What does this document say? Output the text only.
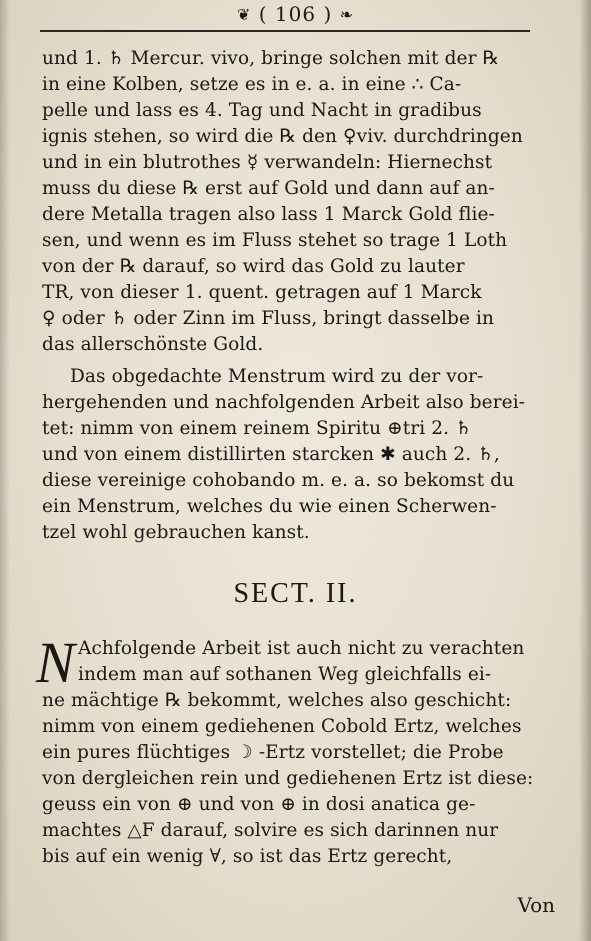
❦ ( 106 ) ❧
und 1. ♄ Mercur. vivo, bringe solchen mit der ℞
in eine Kolben, setze es in e. a. in eine ∴ Ca-
pelle und lass es 4. Tag und Nacht in gradibus
ignis stehen, so wird die ℞ den ♀viv. durchdringen
und in ein blutrothes ☿ verwandeln: Hiernechst
muss du diese ℞ erst auf Gold und dann auf an-
dere Metalla tragen also lass 1 Marck Gold flie-
sen, und wenn es im Fluss stehet so trage 1 Loth
von der ℞ darauf, so wird das Gold zu lauter
TR, von dieser 1. quent. getragen auf 1 Marck
♀ oder ♄ oder Zinn im Fluss, bringt dasselbe in
das allerschönste Gold.
Das obgedachte Menstrum wird zu der vor-
hergehenden und nachfolgenden Arbeit also berei-
tet: nimm von einem reinem Spiritu ⊕tri 2. ♄
und von einem distillirten starcken ✱ auch 2. ♄,
diese vereinige cohobando m. e. a. so bekomst du
ein Menstrum, welches du wie einen Scherwen-
tzel wohl gebrauchen kanst.
SECT. II.
N Achfolgende Arbeit ist auch nicht zu verachten
indem man auf sothanen Weg gleichfalls ei-
ne mächtige ℞ bekommt, welches also geschicht:
nimm von einem gediehenen Cobold Ertz, welches
ein pures flüchtiges ☽ -Ertz vorstellet; die Probe
von dergleichen rein und gediehenen Ertz ist diese:
geuss ein von ⊕ und von ⊕ in dosi anatica ge-
machtes △F darauf, solvire es sich darinnen nur
bis auf ein wenig ∀, so ist das Ertz gerecht,
Von
